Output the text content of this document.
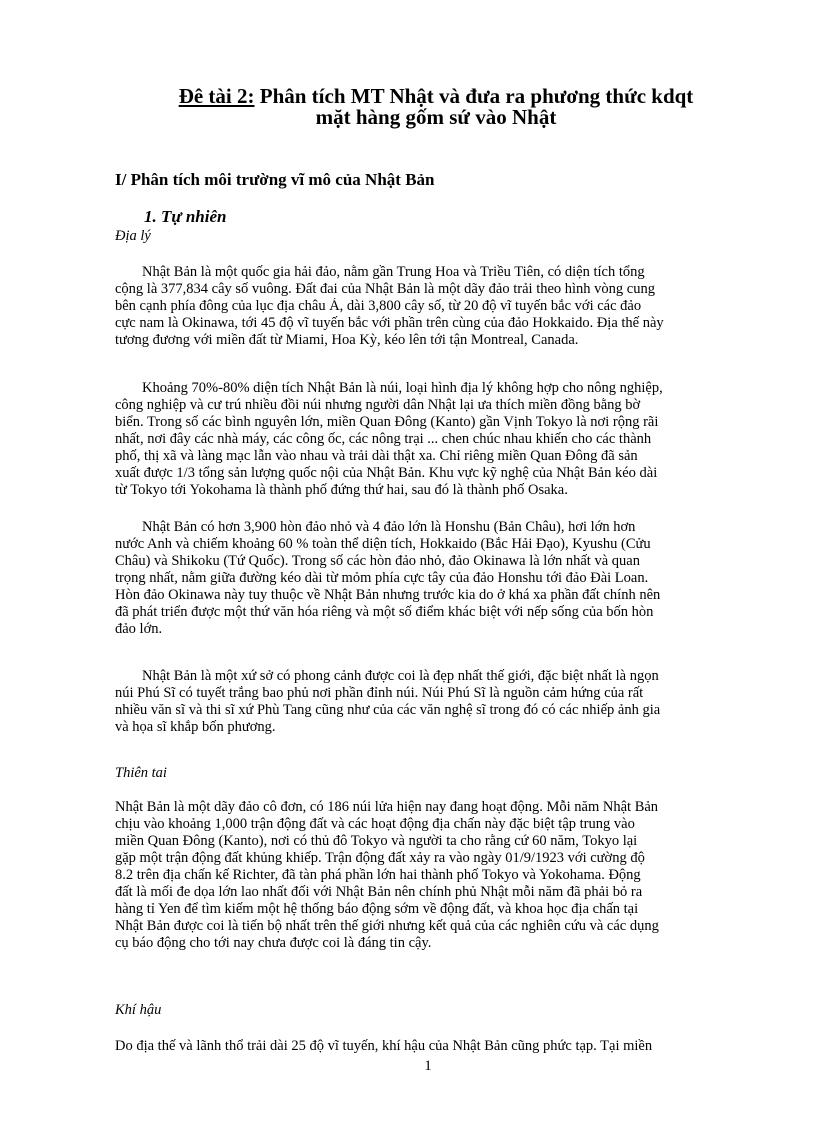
Đê tài 2: Phân tích MT Nhật và đưa ra phương thức kdqt
mặt hàng gốm sứ vào Nhật
I/ Phân tích môi trường vĩ mô của Nhật Bản
1. Tự nhiên
Địa lý
Nhật Bản là một quốc gia hải đảo, nằm gần Trung Hoa và Triều Tiên, có diện tích tổng
cộng là 377,834 cây số vuông. Đất đai của Nhật Bản là một dãy đảo trải theo hình vòng cung
bên cạnh phía đông của lục địa châu Á, dài 3,800 cây số, từ 20 độ vĩ tuyến bắc với các đảo
cực nam là Okinawa, tới 45 độ vĩ tuyến bắc với phần trên cùng của đảo Hokkaido. Địa thế này
tương đương với miền đất từ Miami, Hoa Kỳ, kéo lên tới tận Montreal, Canada.
Khoảng 70%-80% diện tích Nhật Bản là núi, loại hình địa lý không hợp cho nông nghiệp,
công nghiệp và cư trú nhiều đồi núi nhưng người dân Nhật lại ưa thích miền đồng bằng bờ
biển. Trong số các bình nguyên lớn, miền Quan Đông (Kanto) gần Vịnh Tokyo là nơi rộng rãi
nhất, nơi đây các nhà máy, các công ốc, các nông trại ... chen chúc nhau khiến cho các thành
phố, thị xã và làng mạc lẫn vào nhau và trải dài thật xa. Chỉ riêng miền Quan Đông đã sản
xuất được 1/3 tổng sản lượng quốc nội của Nhật Bản. Khu vực kỹ nghệ của Nhật Bản kéo dài
từ Tokyo tới Yokohama là thành phố đứng thứ hai, sau đó là thành phố Osaka.
Nhật Bản có hơn 3,900 hòn đảo nhỏ và 4 đảo lớn là Honshu (Bản Châu), hơi lớn hơn
nước Anh và chiếm khoảng 60 % toàn thể diện tích, Hokkaido (Bắc Hải Đạo), Kyushu (Cửu
Châu) và Shikoku (Tứ Quốc). Trong số các hòn đảo nhỏ, đảo Okinawa là lớn nhất và quan
trọng nhất, nằm giữa đường kéo dài từ mỏm phía cực tây của đảo Honshu tới đảo Đài Loan.
Hòn đảo Okinawa này tuy thuộc về Nhật Bản nhưng trước kia do ở khá xa phần đất chính nên
đã phát triển được một thứ văn hóa riêng và một số điểm khác biệt với nếp sống của bốn hòn
đảo lớn.
Nhật Bản là một xứ sở có phong cảnh được coi là đẹp nhất thế giới, đặc biệt nhất là ngọn
núi Phú Sĩ có tuyết trắng bao phủ nơi phần đỉnh núi. Núi Phú Sĩ là nguồn cảm hứng của rất
nhiều văn sĩ và thi sĩ xứ Phù Tang cũng như của các văn nghệ sĩ trong đó có các nhiếp ảnh gia
và họa sĩ khắp bốn phương.
Thiên tai
Nhật Bản là một dãy đảo cô đơn, có 186 núi lửa hiện nay đang hoạt động. Mỗi năm Nhật Bản
chịu vào khoảng 1,000 trận động đất và các hoạt động địa chấn này đặc biệt tập trung vào
miền Quan Đông (Kanto), nơi có thủ đô Tokyo và người ta cho rằng cứ 60 năm, Tokyo lại
gặp một trận động đất khủng khiếp. Trận động đất xảy ra vào ngày 01/9/1923 với cường độ
8.2 trên địa chấn kế Richter, đã tàn phá phần lớn hai thành phố Tokyo và Yokohama. Động
đất là mối đe dọa lớn lao nhất đối với Nhật Bản nên chính phủ Nhật mỗi năm đã phải bỏ ra
hàng tỉ Yen để tìm kiếm một hệ thống báo động sớm về động đất, và khoa học địa chấn tại
Nhật Bản được coi là tiến bộ nhất trên thế giới nhưng kết quả của các nghiên cứu và các dụng
cụ báo động cho tới nay chưa được coi là đáng tin cậy.
Khí hậu
Do địa thế và lãnh thổ trải dài 25 độ vĩ tuyến, khí hậu của Nhật Bản cũng phức tạp. Tại miền
1
